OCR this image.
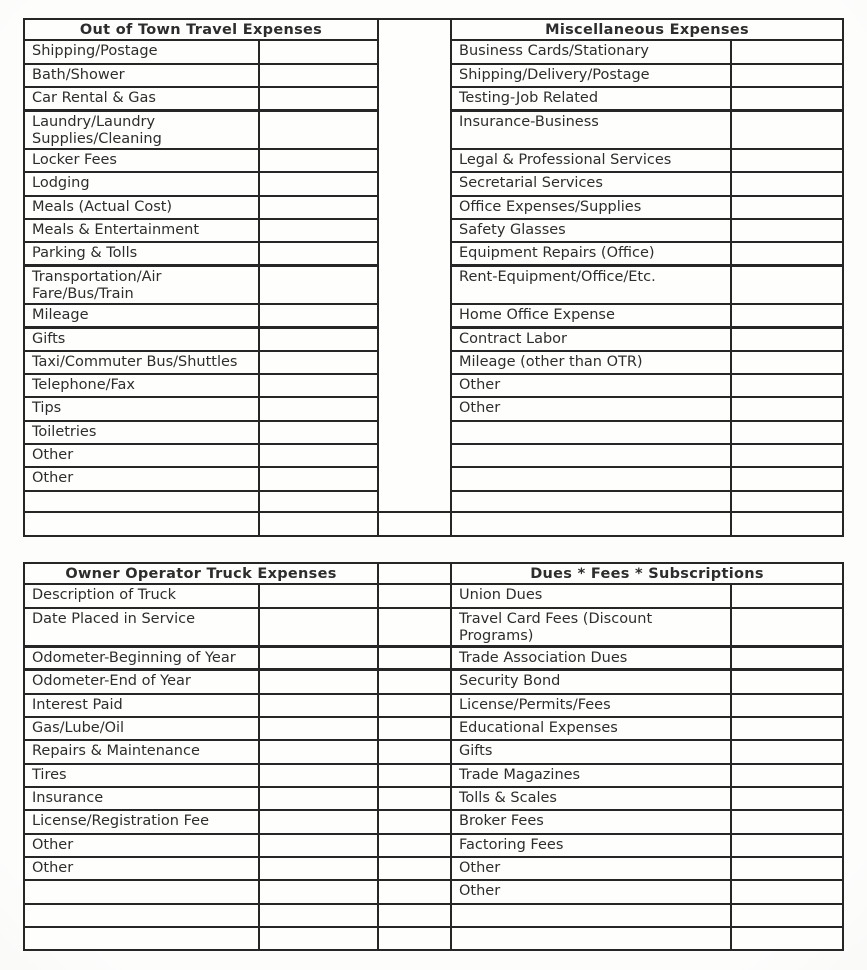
Out of Town Travel Expenses			Miscellaneous Expenses	
Shipping/Postage			Business Cards/Stationary	
Bath/Shower			Shipping/Delivery/Postage	
Car Rental & Gas			Testing-Job Related	
Laundry/Laundry Supplies/Cleaning			Insurance-Business	
Locker Fees			Legal & Professional Services	
Lodging			Secretarial Services	
Meals (Actual Cost)			Office Expenses/Supplies	
Meals & Entertainment			Safety Glasses	
Parking & Tolls			Equipment Repairs (Office)	
Transportation/Air Fare/Bus/Train			Rent-Equipment/Office/Etc.	
Mileage			Home Office Expense	
Gifts			Contract Labor	
Taxi/Commuter Bus/Shuttles			Mileage (other than OTR)	
Telephone/Fax			Other	
Tips			Other	
Toiletries				
Other				
Other				

Owner Operator Truck Expenses			Dues * Fees * Subscriptions	
Description of Truck			Union Dues	
Date Placed in Service			Travel Card Fees (Discount Programs)	
Odometer-Beginning of Year			Trade Association Dues	
Odometer-End of Year			Security Bond	
Interest Paid			License/Permits/Fees	
Gas/Lube/Oil			Educational Expenses	
Repairs & Maintenance			Gifts	
Tires			Trade Magazines	
Insurance			Tolls & Scales	
License/Registration Fee			Broker Fees	
Other			Factoring Fees	
Other			Other	
			Other	
